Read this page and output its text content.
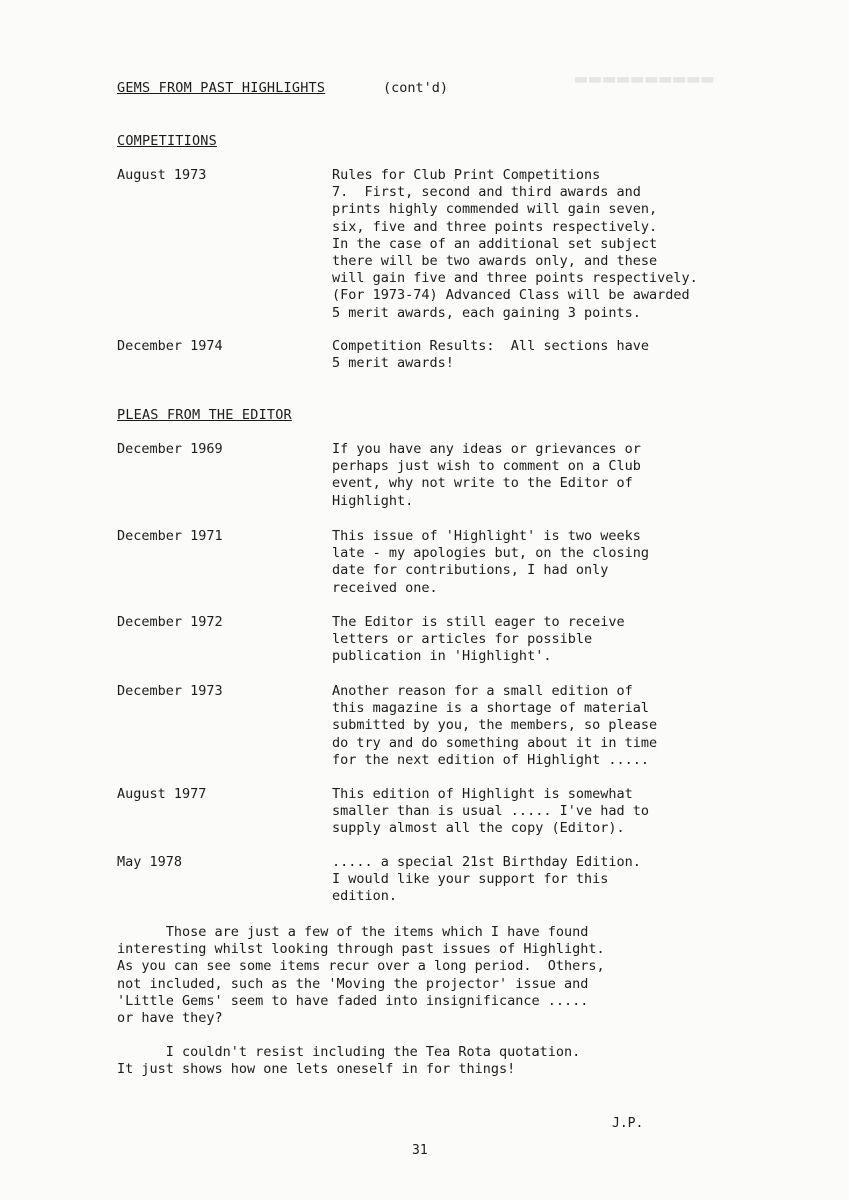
▬▬▬▬▬▬▬▬▬▬
GEMS FROM PAST HIGHLIGHTS	(cont'd)
COMPETITIONS
August 1973	Rules for Club Print Competitions
7.  First, second and third awards and
prints highly commended will gain seven,
six, five and three points respectively.
In the case of an additional set subject
there will be two awards only, and these
will gain five and three points respectively.
(For 1973-74) Advanced Class will be awarded
5 merit awards, each gaining 3 points.
December 1974	Competition Results:  All sections have
5 merit awards!
PLEAS FROM THE EDITOR
December 1969	If you have any ideas or grievances or
perhaps just wish to comment on a Club
event, why not write to the Editor of
Highlight.
December 1971	This issue of 'Highlight' is two weeks
late - my apologies but, on the closing
date for contributions, I had only
received one.
December 1972	The Editor is still eager to receive
letters or articles for possible
publication in 'Highlight'.
December 1973	Another reason for a small edition of
this magazine is a shortage of material
submitted by you, the members, so please
do try and do something about it in time
for the next edition of Highlight .....
August 1977	This edition of Highlight is somewhat
smaller than is usual ..... I've had to
supply almost all the copy (Editor).
May 1978	..... a special 21st Birthday Edition.
I would like your support for this
edition.
Those are just a few of the items which I have found
interesting whilst looking through past issues of Highlight.
As you can see some items recur over a long period.  Others,
not included, such as the 'Moving the projector' issue and
'Little Gems' seem to have faded into insignificance .....
or have they?
I couldn't resist including the Tea Rota quotation.
It just shows how one lets oneself in for things!
J.P.
31
